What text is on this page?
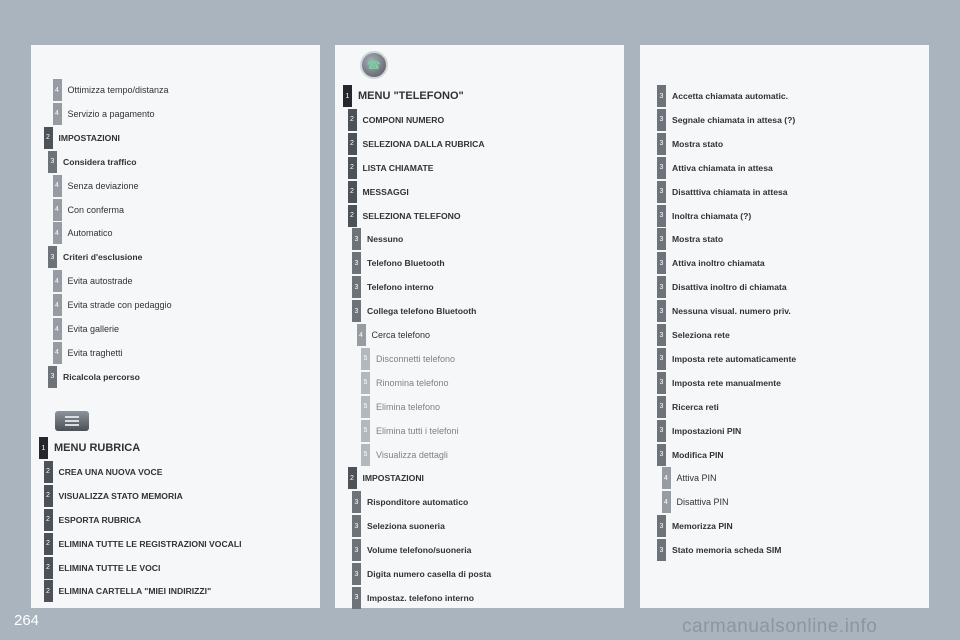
4 Ottimizza tempo/distanza
4 Servizio a pagamento
2 IMPOSTAZIONI
3 Considera traffico
4 Senza deviazione
4 Con conferma
4 Automatico
3 Criteri d'esclusione
4 Evita autostrade
4 Evita strade con pedaggio
4 Evita gallerie
4 Evita traghetti
3 Ricalcola percorso
1 MENU RUBRICA
2 CREA UNA NUOVA VOCE
2 VISUALIZZA STATO MEMORIA
2 ESPORTA RUBRICA
2 ELIMINA TUTTE LE REGISTRAZIONI VOCALI
2 ELIMINA TUTTE LE VOCI
2 ELIMINA CARTELLA "MIEI INDIRIZZI"
☎
1 MENU "TELEFONO"
2 COMPONI NUMERO
2 SELEZIONA DALLA RUBRICA
2 LISTA CHIAMATE
2 MESSAGGI
2 SELEZIONA TELEFONO
3 Nessuno
3 Telefono Bluetooth
3 Telefono interno
3 Collega telefono Bluetooth
4 Cerca telefono
5 Disconnetti telefono
5 Rinomina telefono
5 Elimina telefono
5 Elimina tutti i telefoni
5 Visualizza dettagli
2 IMPOSTAZIONI
3 Risponditore automatico
3 Seleziona suoneria
3 Volume telefono/suoneria
3 Digita numero casella di posta
3 Impostaz. telefono interno
3 Accetta chiamata automatic.
3 Segnale chiamata in attesa (?)
3 Mostra stato
3 Attiva chiamata in attesa
3 Disatttiva chiamata in attesa
3 Inoltra chiamata (?)
3 Mostra stato
3 Attiva inoltro chiamata
3 Disattiva inoltro di chiamata
3 Nessuna visual. numero priv.
3 Seleziona rete
3 Imposta rete automaticamente
3 Imposta rete manualmente
3 Ricerca reti
3 Impostazioni PIN
3 Modifica PIN
4 Attiva PIN
4 Disattiva PIN
3 Memorizza PIN
3 Stato memoria scheda SIM
264	carmanualsonline.info
